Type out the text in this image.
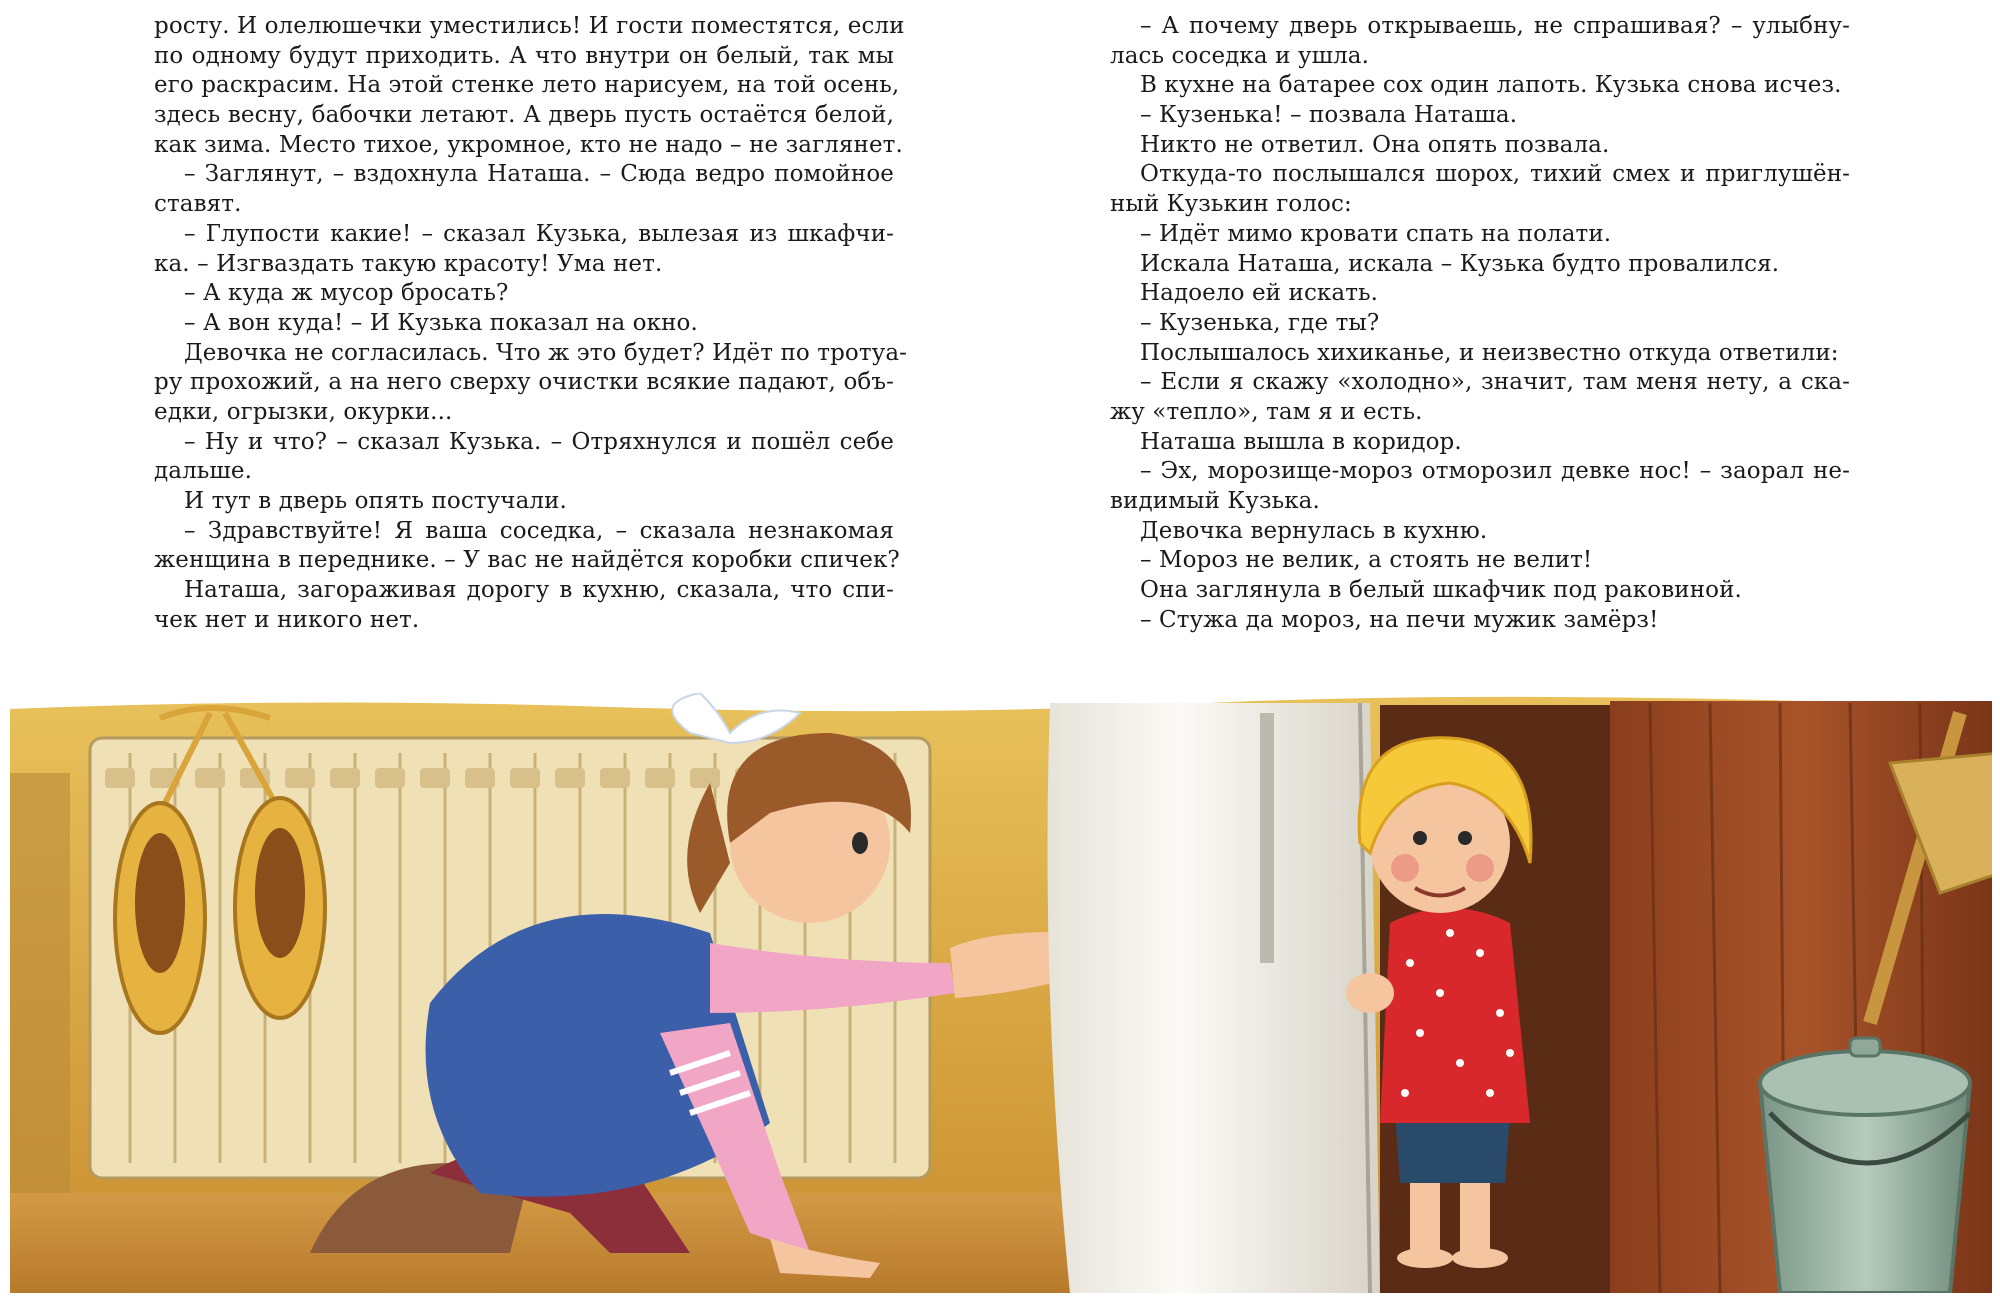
росту. И олелюшечки уместились! И гости поместятся, если
по одному будут приходить. А что внутри он белый, так мы
его раскрасим. На этой стенке лето нарисуем, на той осень,
здесь весну, бабочки летают. А дверь пусть остаётся белой,
как зима. Место тихое, укромное, кто не надо – не заглянет.
– Заглянут, – вздохнула Наташа. – Сюда ведро помойное
ставят.
– Глупости какие! – сказал Кузька, вылезая из шкафчи-
ка. – Изгваздать такую красоту! Ума нет.
– А куда ж мусор бросать?
– А вон куда! – И Кузька показал на окно.
Девочка не согласилась. Что ж это будет? Идёт по тротуа-
ру прохожий, а на него сверху очистки всякие падают, объ-
едки, огрызки, окурки...
– Ну и что? – сказал Кузька. – Отряхнулся и пошёл себе
дальше.
И тут в дверь опять постучали.
– Здравствуйте! Я ваша соседка, – сказала незнакомая
женщина в переднике. – У вас не найдётся коробки спичек?
Наташа, загораживая дорогу в кухню, сказала, что спи-
чек нет и никого нет.
– А почему дверь открываешь, не спрашивая? – улыбну-
лась соседка и ушла.
В кухне на батарее сох один лапоть. Кузька снова исчез.
– Кузенька! – позвала Наташа.
Никто не ответил. Она опять позвала.
Откуда-то послышался шорох, тихий смех и приглушён-
ный Кузькин голос:
– Идёт мимо кровати спать на полати.
Искала Наташа, искала – Кузька будто провалился.
Надоело ей искать.
– Кузенька, где ты?
Послышалось хихиканье, и неизвестно откуда ответили:
– Если я скажу «холодно», значит, там меня нету, а ска-
жу «тепло», там я и есть.
Наташа вышла в коридор.
– Эх, морозище-мороз отморозил девке нос! – заорал не-
видимый Кузька.
Девочка вернулась в кухню.
– Мороз не велик, а стоять не велит!
Она заглянула в белый шкафчик под раковиной.
– Стужа да мороз, на печи мужик замёрз!
